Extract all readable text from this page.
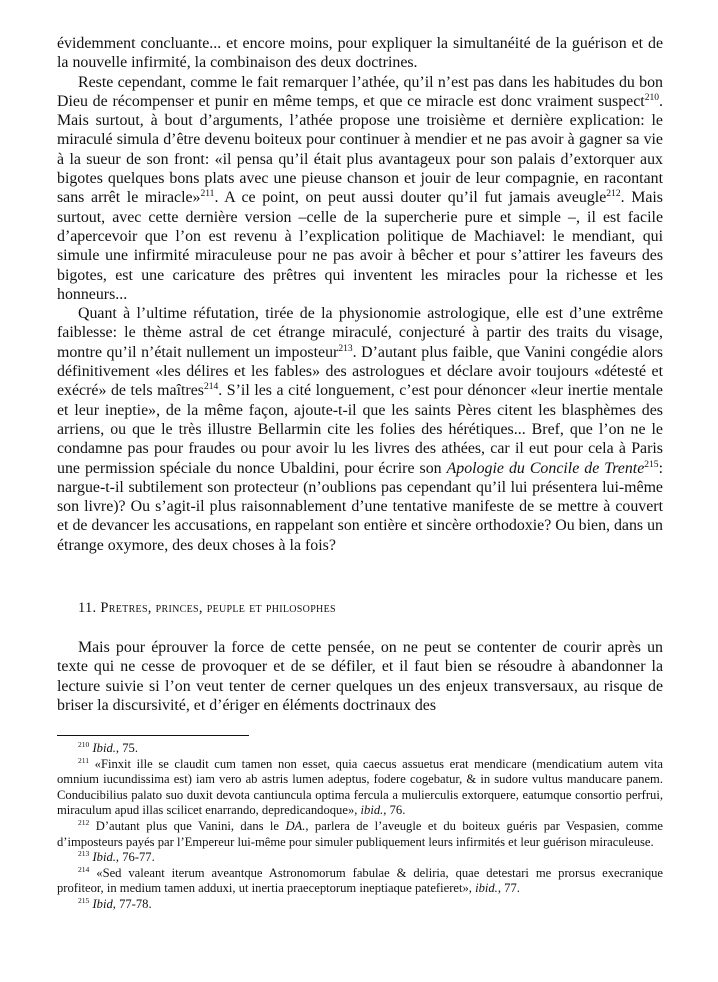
évidemment concluante... et encore moins, pour expliquer la simultanéité de la guérison et de la nouvelle infirmité, la combinaison des deux doctrines.

Reste cependant, comme le fait remarquer l’athée, qu’il n’est pas dans les habitudes du bon Dieu de récompenser et punir en même temps, et que ce miracle est donc vraiment suspect$^{210}$. Mais surtout, à bout d’arguments, l’athée propose une troisième et dernière explication: le miraculé simula d’être devenu boiteux pour continuer à mendier et ne pas avoir à gagner sa vie à la sueur de son front: «il pensa qu’il était plus avantageux pour son palais d’extorquer aux bigotes quelques bons plats avec une pieuse chanson et jouir de leur compagnie, en racontant sans arrêt le miracle»$^{211}$. A ce point, on peut aussi douter qu’il fut jamais aveugle$^{212}$. Mais surtout, avec cette dernière version –celle de la supercherie pure et simple –, il est facile d’apercevoir que l’on est revenu à l’explication politique de Machiavel: le mendiant, qui simule une infirmité miraculeuse pour ne pas avoir à bêcher et pour s’attirer les faveurs des bigotes, est une caricature des prêtres qui inventent les miracles pour la richesse et les honneurs...

Quant à l’ultime réfutation, tirée de la physionomie astrologique, elle est d’une extrême faiblesse: le thème astral de cet étrange miraculé, conjecturé à partir des traits du visage, montre qu’il n’était nullement un imposteur$^{213}$. D’autant plus faible, que Vanini congédie alors définitivement «les délires et les fables» des astrologues et déclare avoir toujours «détesté et exécré» de tels maîtres$^{214}$. S’il les a cité longuement, c’est pour dénoncer «leur inertie mentale et leur ineptie», de la même façon, ajoute-t-il que les saints Pères citent les blasphèmes des arriens, ou que le très illustre Bellarmin cite les folies des hérétiques... Bref, que l’on ne le condamne pas pour fraudes ou pour avoir lu les livres des athées, car il eut pour cela à Paris une permission spéciale du nonce Ubaldini, pour écrire son Apologie du Concile de Trente$^{215}$: nargue-t-il subtilement son protecteur (n’oublions pas cependant qu’il lui présentera lui-même son livre)? Ou s’agit-il plus raisonnablement d’une tentative manifeste de se mettre à couvert et de devancer les accusations, en rappelant son entière et sincère orthodoxie? Ou bien, dans un étrange oxymore, des deux choses à la fois?

11. Pretres, princes, peuple et philosophes

Mais pour éprouver la force de cette pensée, on ne peut se contenter de courir après un texte qui ne cesse de provoquer et de se défiler, et il faut bien se résoudre à abandonner la lecture suivie si l’on veut tenter de cerner quelques un des enjeux transversaux, au risque de briser la discursivité, et d’ériger en éléments doctrinaux des

$^{210}$ Ibid., 75.

$^{211}$ «Finxit ille se claudit cum tamen non esset, quia caecus assuetus erat mendicare (mendicatium autem vita omnium iucundissima est) iam vero ab astris lumen adeptus, fodere cogebatur, & in sudore vultus manducare panem. Conducibilius palato suo duxit devota cantiuncula optima fercula a mulierculis extorquere, eatumque consortio perfrui, miraculum apud illas scilicet enarrando, depredicandoque», ibid., 76.

$^{212}$ D’autant plus que Vanini, dans le DA., parlera de l’aveugle et du boiteux guéris par Vespasien, comme d’imposteurs payés par l’Empereur lui-même pour simuler publiquement leurs infirmités et leur guérison miraculeuse.

$^{213}$ Ibid., 76-77.

$^{214}$ «Sed valeant iterum aveantque Astronomorum fabulae & deliria, quae detestari me prorsus execranique profiteor, in medium tamen adduxi, ut inertia praeceptorum ineptiaque patefieret», ibid., 77.

$^{215}$ Ibid, 77-78.
